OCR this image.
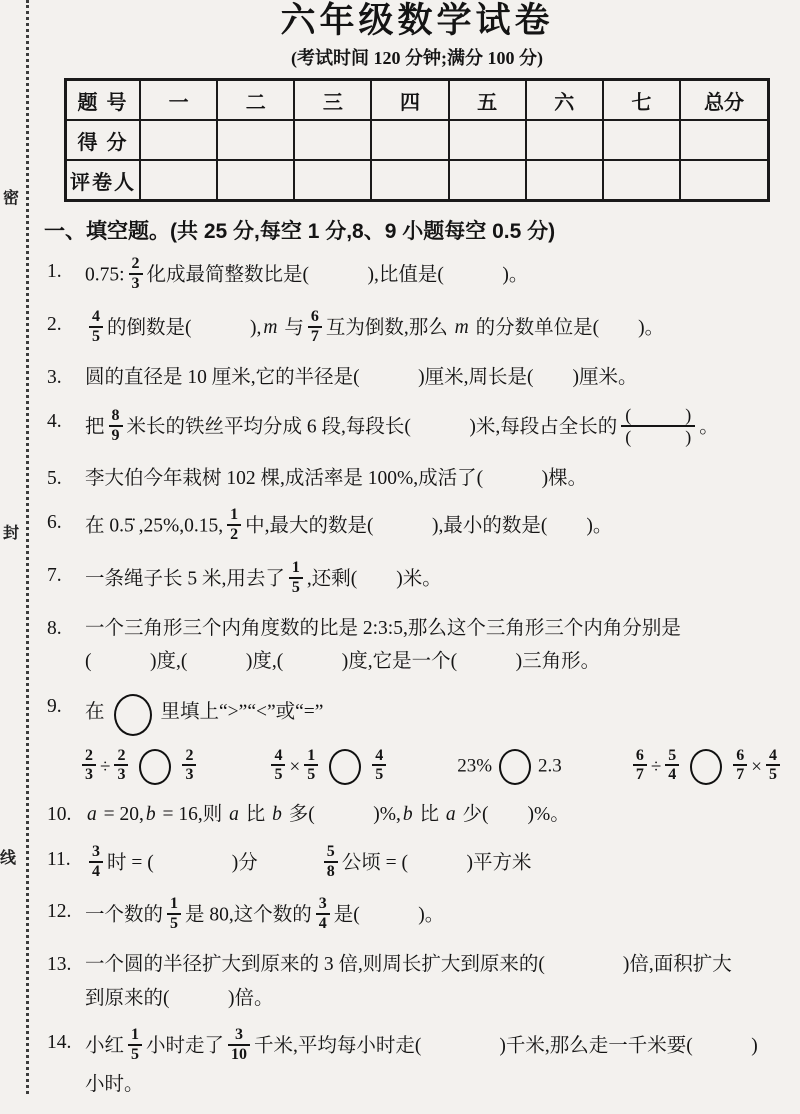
密
封
线
六年级数学试卷
(考试时间 120 分钟;满分 100 分)
题 号	一	二	三	四	五	六	七	总分
得 分								
评卷人								
一、填空题。(共 25 分,每空 1 分,8、9 小题每空 0.5 分)
1.	0.75: $\frac{2}{3}$ 化成最简整数比是(　　　),比值是(　　　)。
2.	$\frac{4}{5}$ 的倒数是(　　　), m 与 $\frac{6}{7}$ 互为倒数,那么 m 的分数单位是(　　)。
3.	圆的直径是 10 厘米,它的半径是(　　　)厘米,周长是(　　)厘米。
4.	把 $\frac{8}{9}$ 米长的铁丝平均分成 6 段,每段长(　　　)米,每段占全长的 $\frac{( )}{( )}$ 。
5.	李大伯今年栽树 102 棵,成活率是 100%,成活了(　　　)棵。
6.	在 0.5̇ ,25%,0.15, $\frac{1}{2}$ 中,最大的数是(　　　),最小的数是(　　)。
7.	一条绳子长 5 米,用去了 $\frac{1}{5}$ ,还剩(　　)米。
8.	一个三角形三个内角度数的比是 2:3:5,那么这个三角形三个内角分别是
(　　　)度,(　　　)度,(　　　)度,它是一个(　　　)三角形。
9.	在	里填上“>”“<”或“=”
$\frac{2}{3} \div \frac{2}{3}$	$\frac{2}{3}$	$\frac{4}{5} \times \frac{1}{5}$	$\frac{4}{5}$	23% 2.3	$\frac{6}{7} \div \frac{5}{4}$	$\frac{6}{7} \times \frac{4}{5}$
10. a = 20, b = 16,则 a 比 b 多(　　　)%, b 比 a 少(　　)%。
11.	$\frac{3}{4}$ 时 = (　　　　)分	$\frac{5}{8}$ 公顷 = (　　　)平方米
12. 一个数的 $\frac{1}{5}$ 是 80,这个数的 $\frac{3}{4}$ 是(　　　)。
13. 一个圆的半径扩大到原来的 3 倍,则周长扩大到原来的(　　　　)倍,面积扩大
到原来的(　　　)倍。
14. 小红 $\frac{1}{5}$ 小时走了 $\frac{3}{10}$ 千米,平均每小时走(　　　　)千米,那么走一千米要(　　　)
小时。
